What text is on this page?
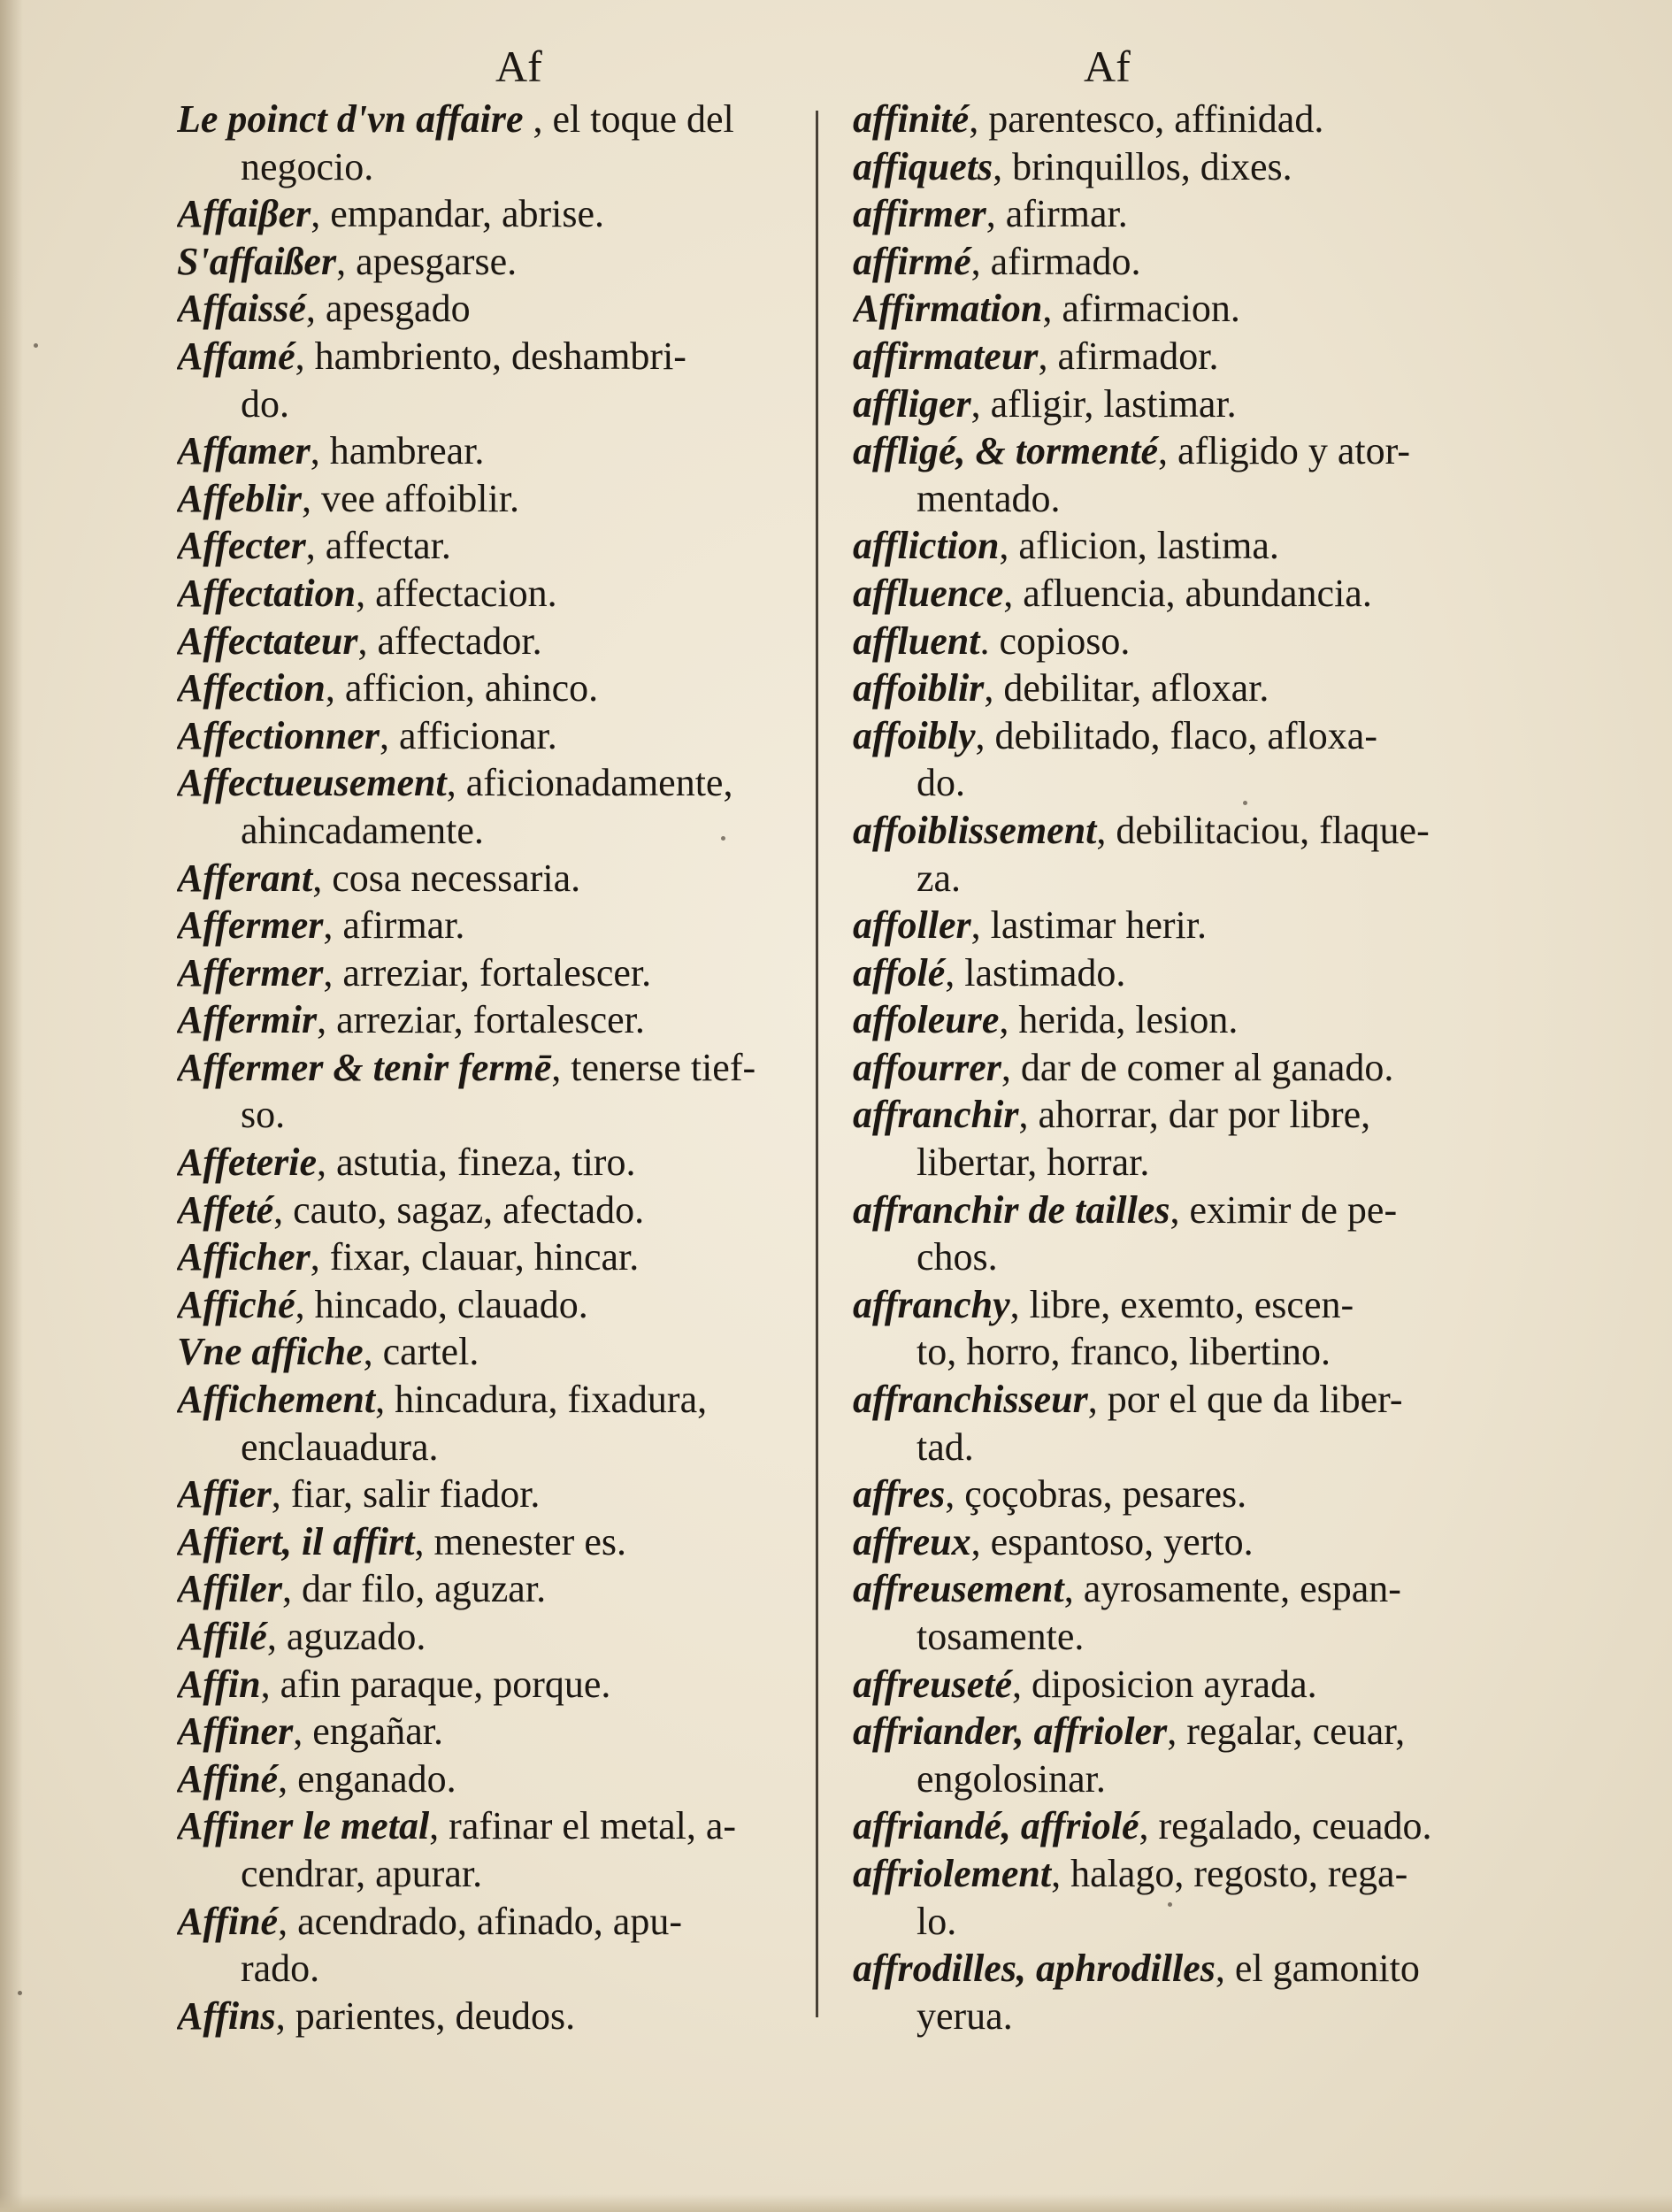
Af	Af
Le poinct d'vn affaire , el toque del
negocio.
Affaiβer, empandar, abrise.
S'affaißer, apesgarse.
Affaissé, apesgado
Affamé, hambriento, deshambri-
do.
Affamer, hambrear.
Affeblir, vee affoiblir.
Affecter, affectar.
Affectation, affectacion.
Affectateur, affectador.
Affection, afficion, ahinco.
Affectionner, afficionar.
Affectueusement, aficionadamente,
ahincadamente.
Afferant, cosa necessaria.
Affermer, afirmar.
Affermer, arreziar, fortalescer.
Affermir, arreziar, fortalescer.
Affermer & tenir fermē, tenerse tief-
so.
Affeterie, astutia, fineza, tiro.
Affeté, cauto, sagaz, afectado.
Afficher, fixar, clauar, hincar.
Affiché, hincado, clauado.
Vne affiche, cartel.
Affichement, hincadura, fixadura,
enclauadura.
Affier, fiar, salir fiador.
Affiert, il affirt, menester es.
Affiler, dar filo, aguzar.
Affilé, aguzado.
Affin, afin paraque, porque.
Affiner, engañar.
Affiné, enganado.
Affiner le metal, rafinar el metal, a-
cendrar, apurar.
Affiné, acendrado, afinado, apu-
rado.
Affins, parientes, deudos.
affinité, parentesco, affinidad.
affiquets, brinquillos, dixes.
affirmer, afirmar.
affirmé, afirmado.
Affirmation, afirmacion.
affirmateur, afirmador.
affliger, afligir, lastimar.
affligé, & tormenté, afligido y ator-
mentado.
affliction, aflicion, lastima.
affluence, afluencia, abundancia.
affluent. copioso.
affoiblir, debilitar, afloxar.
affoibly, debilitado, flaco, afloxa-
do.
affoiblissement, debilitaciou, flaque-
za.
affoller, lastimar herir.
affolé, lastimado.
affoleure, herida, lesion.
affourrer, dar de comer al ganado.
affranchir, ahorrar, dar por libre,
libertar, horrar.
affranchir de tailles, eximir de pe-
chos.
affranchy, libre, exemto, escen-
to, horro, franco, libertino.
affranchisseur, por el que da liber-
tad.
affres, çoçobras, pesares.
affreux, espantoso, yerto.
affreusement, ayrosamente, espan-
tosamente.
affreuseté, diposicion ayrada.
affriander, affrioler, regalar, ceuar,
engolosinar.
affriandé, affriolé, regalado, ceuado.
affriolement, halago, regosto, rega-
lo.
affrodilles, aphrodilles, el gamonito
yerua.
